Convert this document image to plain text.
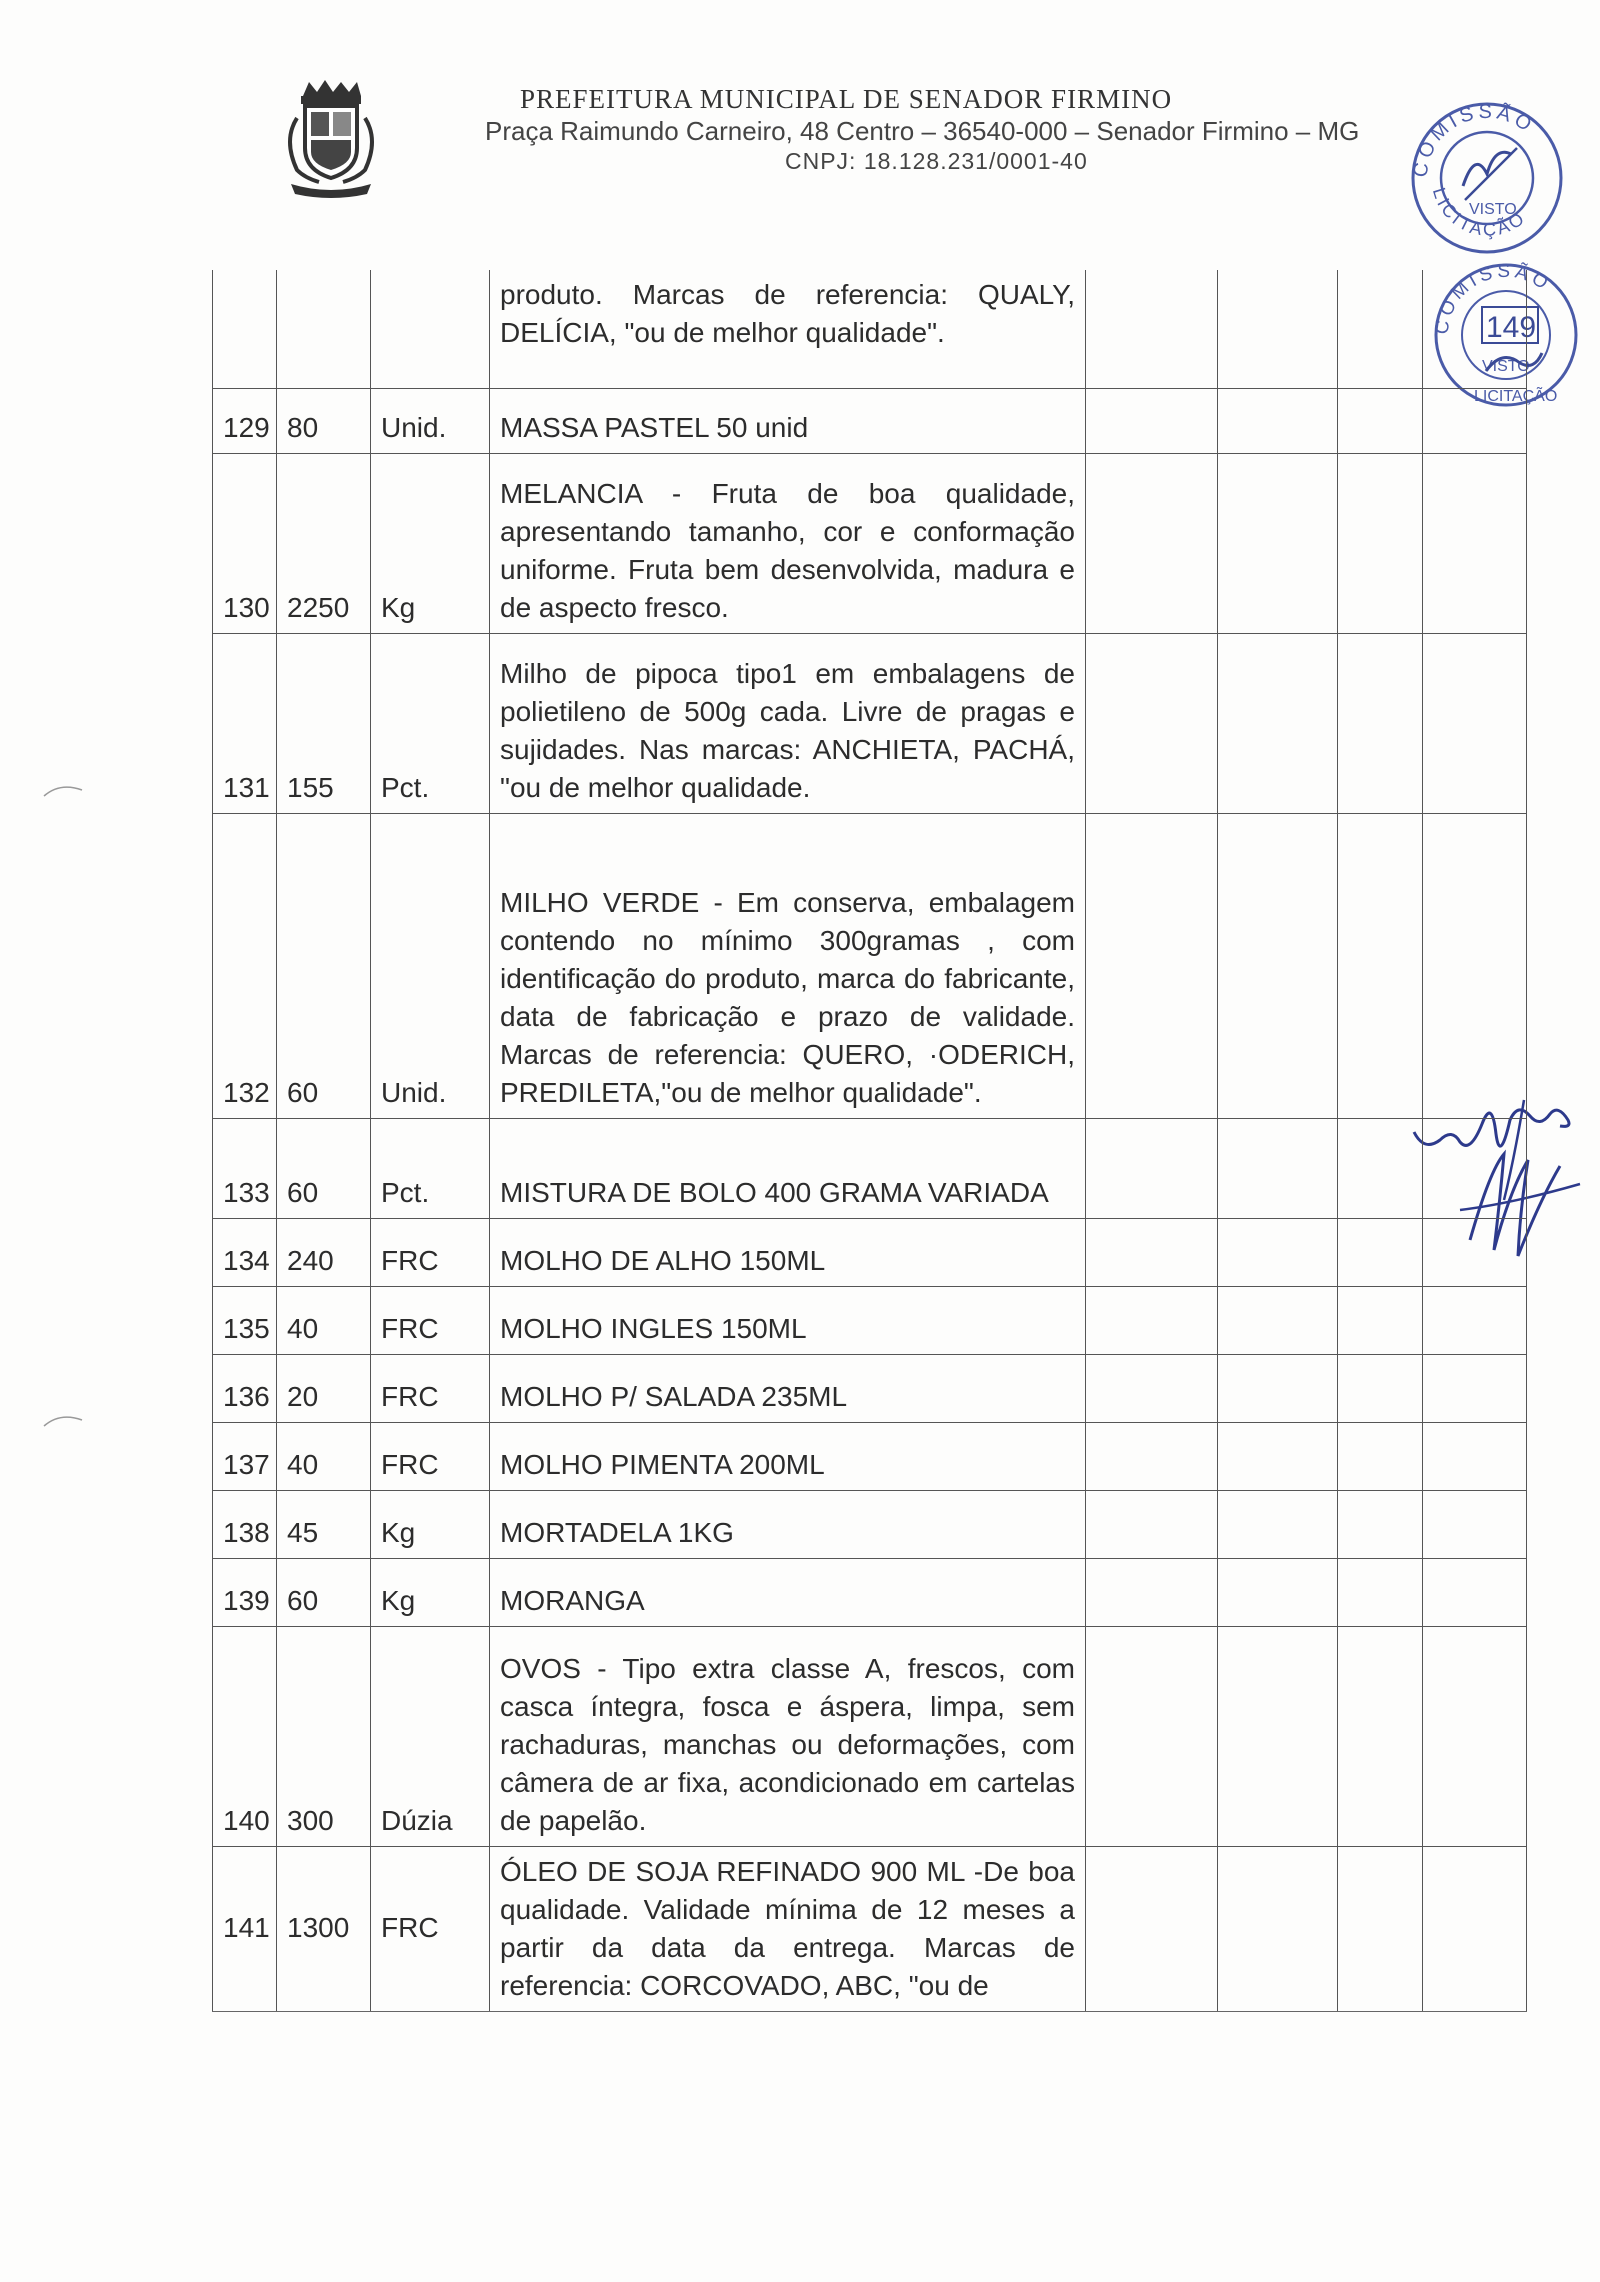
PREFEITURA MUNICIPAL DE SENADOR FIRMINO
Praça Raimundo Carneiro, 48 Centro – 36540-000 – Senador Firmino – MG
CNPJ: 18.128.231/0001-40	COMISSÃO
LICITAÇÃO
VISTO
COMISSÃO
149
VISTO
LICITAÇÃO
			produto. Marcas de referencia: QUALY, DELÍCIA, "ou de melhor qualidade".				
129	80	Unid.	MASSA PASTEL 50 unid				
130	2250	Kg	MELANCIA - Fruta de boa qualidade, apresentando tamanho, cor e conformação uniforme. Fruta bem desenvolvida, madura e de aspecto fresco.				
131	155	Pct.	Milho de pipoca tipo1 em embalagens de polietileno de 500g cada. Livre de pragas e sujidades. Nas marcas: ANCHIETA, PACHÁ, "ou de melhor qualidade.				
132	60	Unid.	MILHO VERDE - Em conserva, embalagem contendo no mínimo 300gramas , com identificação do produto, marca do fabricante, data de fabricação e prazo de validade. Marcas de referencia: QUERO, ·ODERICH, PREDILETA,"ou de melhor qualidade".				
133	60	Pct.	MISTURA DE BOLO 400 GRAMA VARIADA				
134	240	FRC	MOLHO DE ALHO 150ML				
135	40	FRC	MOLHO INGLES 150ML				
136	20	FRC	MOLHO P/ SALADA 235ML				
137	40	FRC	MOLHO PIMENTA 200ML				
138	45	Kg	MORTADELA 1KG				
139	60	Kg	MORANGA				
140	300	Dúzia	OVOS - Tipo extra classe A, frescos, com casca íntegra, fosca e áspera, limpa, sem rachaduras, manchas ou deformações, com câmera de ar fixa, acondicionado em cartelas de papelão.				
141	1300	FRC	ÓLEO DE SOJA REFINADO 900 ML -De boa qualidade. Validade mínima de 12 meses a partir da data da entrega. Marcas de referencia: CORCOVADO, ABC, "ou de				
